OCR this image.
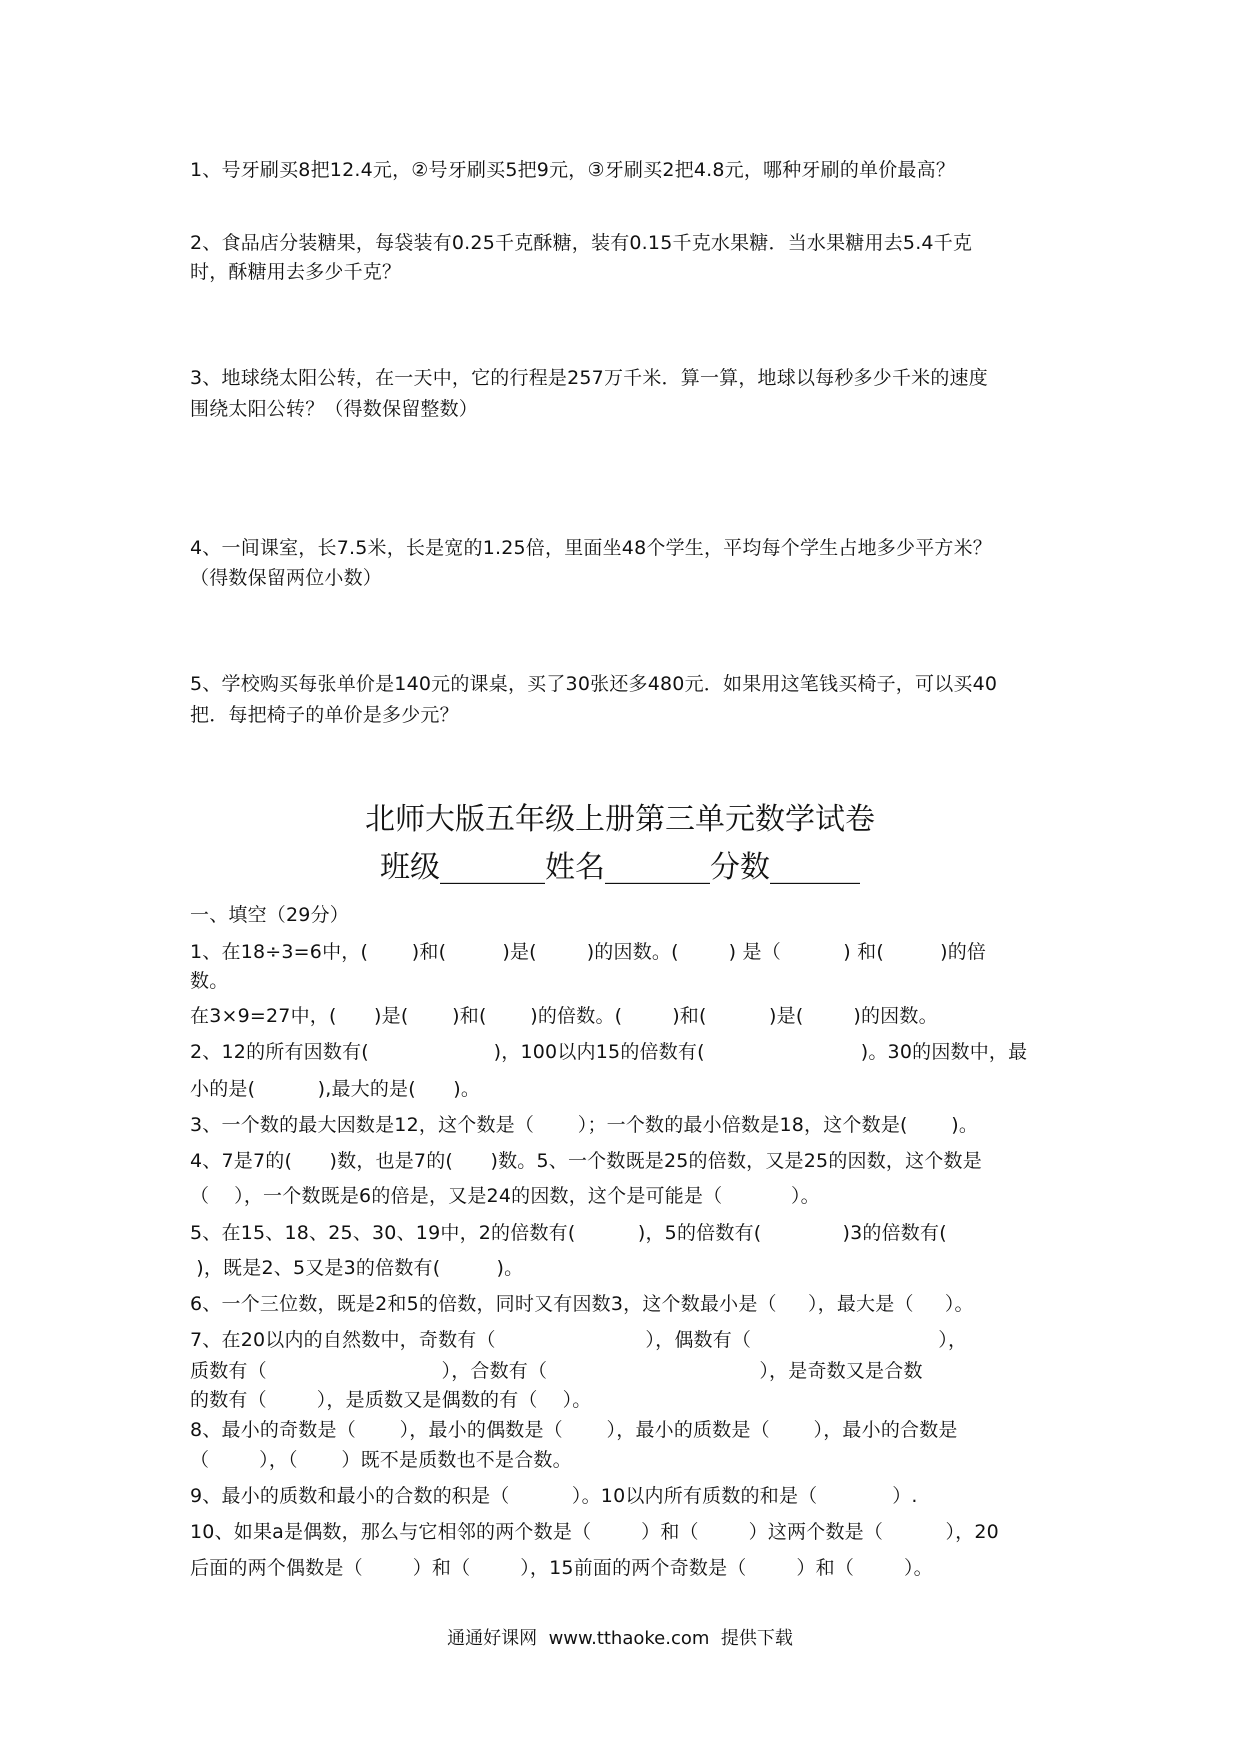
1、号牙刷买8把12.4元，②号牙刷买5把9元，③牙刷买2把4.8元，哪种牙刷的单价最高？
2、食品店分装糖果，每袋装有0.25千克酥糖，装有0.15千克水果糖．当水果糖用去5.4千克
时，酥糖用去多少千克？
3、地球绕太阳公转，在一天中，它的行程是257万千米．算一算，地球以每秒多少千米的速度
围绕太阳公转？（得数保留整数）
4、一间课室，长7.5米，长是宽的1.25倍，里面坐48个学生，平均每个学生占地多少平方米？
（得数保留两位小数）
5、学校购买每张单价是140元的课桌，买了30张还多480元．如果用这笔钱买椅子，可以买40
把．每把椅子的单价是多少元？
北师大版五年级上册第三单元数学试卷
班级_______姓名_______分数______
一、填空（29分）
1、在18÷3=6中，(       )和(         )是(        )的因数。(        ) 是（          ) 和(         )的倍
数。
在3×9=27中，(      )是(       )和(       )的倍数。(        )和(          )是(        )的因数。
2、12的所有因数有(                    )，100以内15的倍数有(                         )。30的因数中，最
小的是(          ),最大的是(      )。
3、一个数的最大因数是12，这个数是（       ）；一个数的最小倍数是18，这个数是(       )。
4、7是7的(      )数，也是7的(      )数。5、一个数既是25的倍数，又是25的因数，这个数是
（    ），一个数既是6的倍是，又是24的因数，这个是可能是（           ）。
5、在15、18、25、30、19中，2的倍数有(          )，5的倍数有(             )3的倍数有(
)，既是2、5又是3的倍数有(         )。
6、一个三位数，既是2和5的倍数，同时又有因数3，这个数最小是（     ），最大是（     ）。
7、在20以内的自然数中，奇数有（                        ），偶数有（                              ），
质数有（                            ），合数有（                                  ），是奇数又是合数
的数有（        ），是质数又是偶数的有（    ）。
8、最小的奇数是（       ），最小的偶数是（       ），最小的质数是（       ），最小的合数是
（        ），（       ）既不是质数也不是合数。
9、最小的质数和最小的合数的积是（          ）。10以内所有质数的和是（            ）.
10、如果a是偶数，那么与它相邻的两个数是（        ）和（        ）这两个数是（          ），20
后面的两个偶数是（        ）和（        ），15前面的两个奇数是（        ）和（        ）。
通通好课网  www.tthaoke.com  提供下载
